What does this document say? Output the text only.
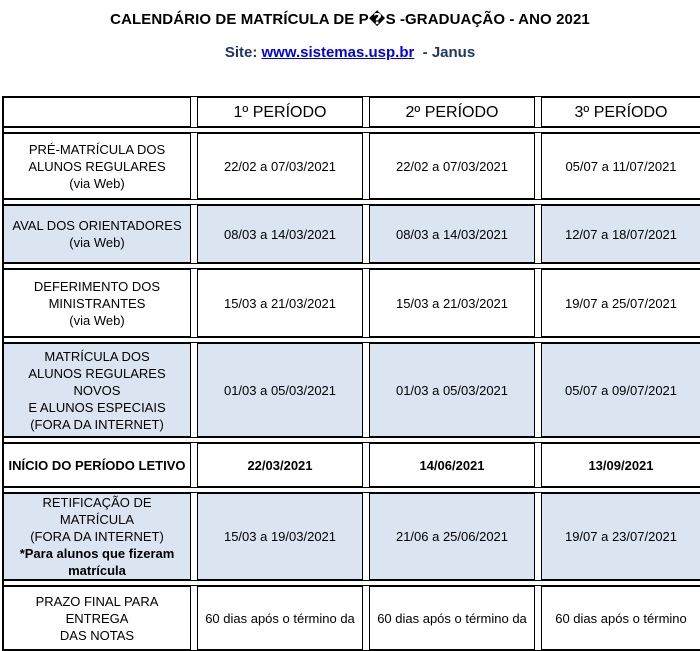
CALENDÁRIO DE MATRÍCULA DE P�S -GRADUAÇÃO - ANO 2021
Site: www.sistemas.usp.br - Janus
		1º PERÍODO		2º PERÍODO		3º PERÍODO

PRÉ-MATRÍCULA DOS
ALUNOS REGULARES
(via Web)		22/02 a 07/03/2021		22/02 a 07/03/2021		05/07 a 11/07/2021

AVAL DOS ORIENTADORES
(via Web)		08/03 a 14/03/2021		08/03 a 14/03/2021		12/07 a 18/07/2021

DEFERIMENTO DOS
MINISTRANTES
(via Web)		15/03 a 21/03/2021		15/03 a 21/03/2021		19/07 a 25/07/2021

MATRÍCULA DOS
ALUNOS REGULARES NOVOS
E ALUNOS ESPECIAIS
(FORA DA INTERNET)		01/03 a 05/03/2021		01/03 a 05/03/2021		05/07 a 09/07/2021

INÍCIO DO PERÍODO LETIVO		22/03/2021		14/06/2021		13/09/2021

RETIFICAÇÃO DE MATRÍCULA
(FORA DA INTERNET)
*Para alunos que fizeram
matrícula		15/03 a 19/03/2021		21/06 a 25/06/2021		19/07 a 23/07/2021

PRAZO FINAL PARA ENTREGA
DAS NOTAS		60 dias após o término da		60 dias após o término da		60 dias após o término
